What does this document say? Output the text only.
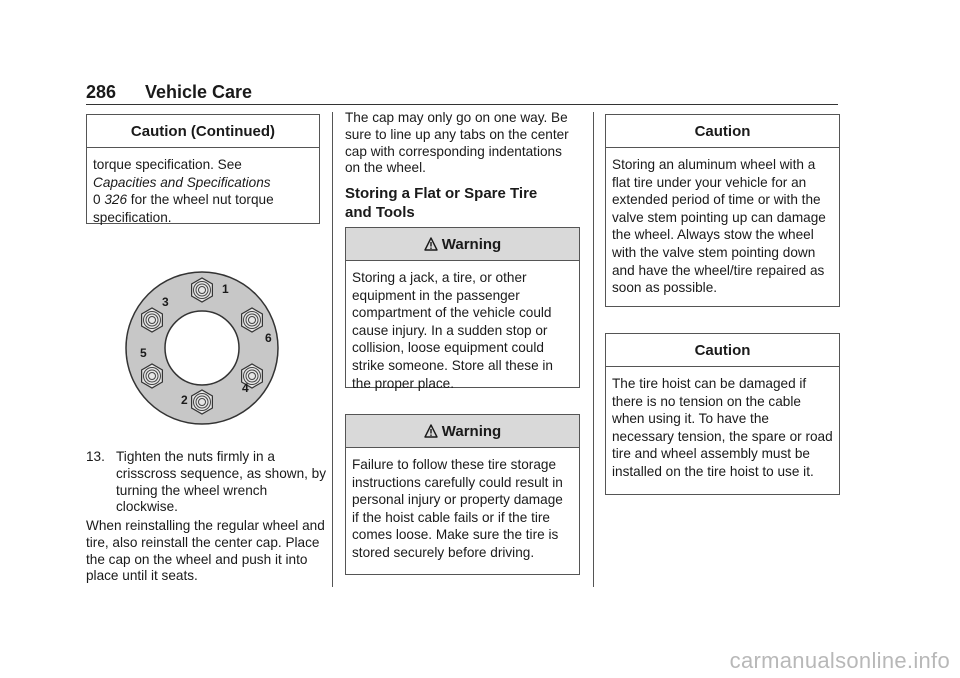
286 Vehicle Care
Caution (Continued)

torque specification. See

Capacities and Specifications

0 326 for the wheel nut torque

specification.

1
2
3
4
5
6
13. Tighten the nuts firmly in a crisscross sequence, as shown, by turning the wheel wrench clockwise.

When reinstalling the regular wheel and tire, also reinstall the center cap. Place the cap on the wheel and push it into place until it seats.

The cap may only go on one way. Be sure to line up any tabs on the center cap with corresponding indentations on the wheel.

Storing a Flat or Spare Tire
and Tools
Warning

Storing a jack, a tire, or other equipment in the passenger compartment of the vehicle could cause injury. In a sudden stop or collision, loose equipment could strike someone. Store all these in the proper place.

Warning

Failure to follow these tire storage instructions carefully could result in personal injury or property damage if the hoist cable fails or if the tire comes loose. Make sure the tire is stored securely before driving.

Caution

Storing an aluminum wheel with a flat tire under your vehicle for an extended period of time or with the valve stem pointing up can damage the wheel. Always stow the wheel with the valve stem pointing down and have the wheel/tire repaired as soon as possible.

Caution

The tire hoist can be damaged if there is no tension on the cable when using it. To have the necessary tension, the spare or road tire and wheel assembly must be installed on the tire hoist to use it.

carmanualsonline.info
